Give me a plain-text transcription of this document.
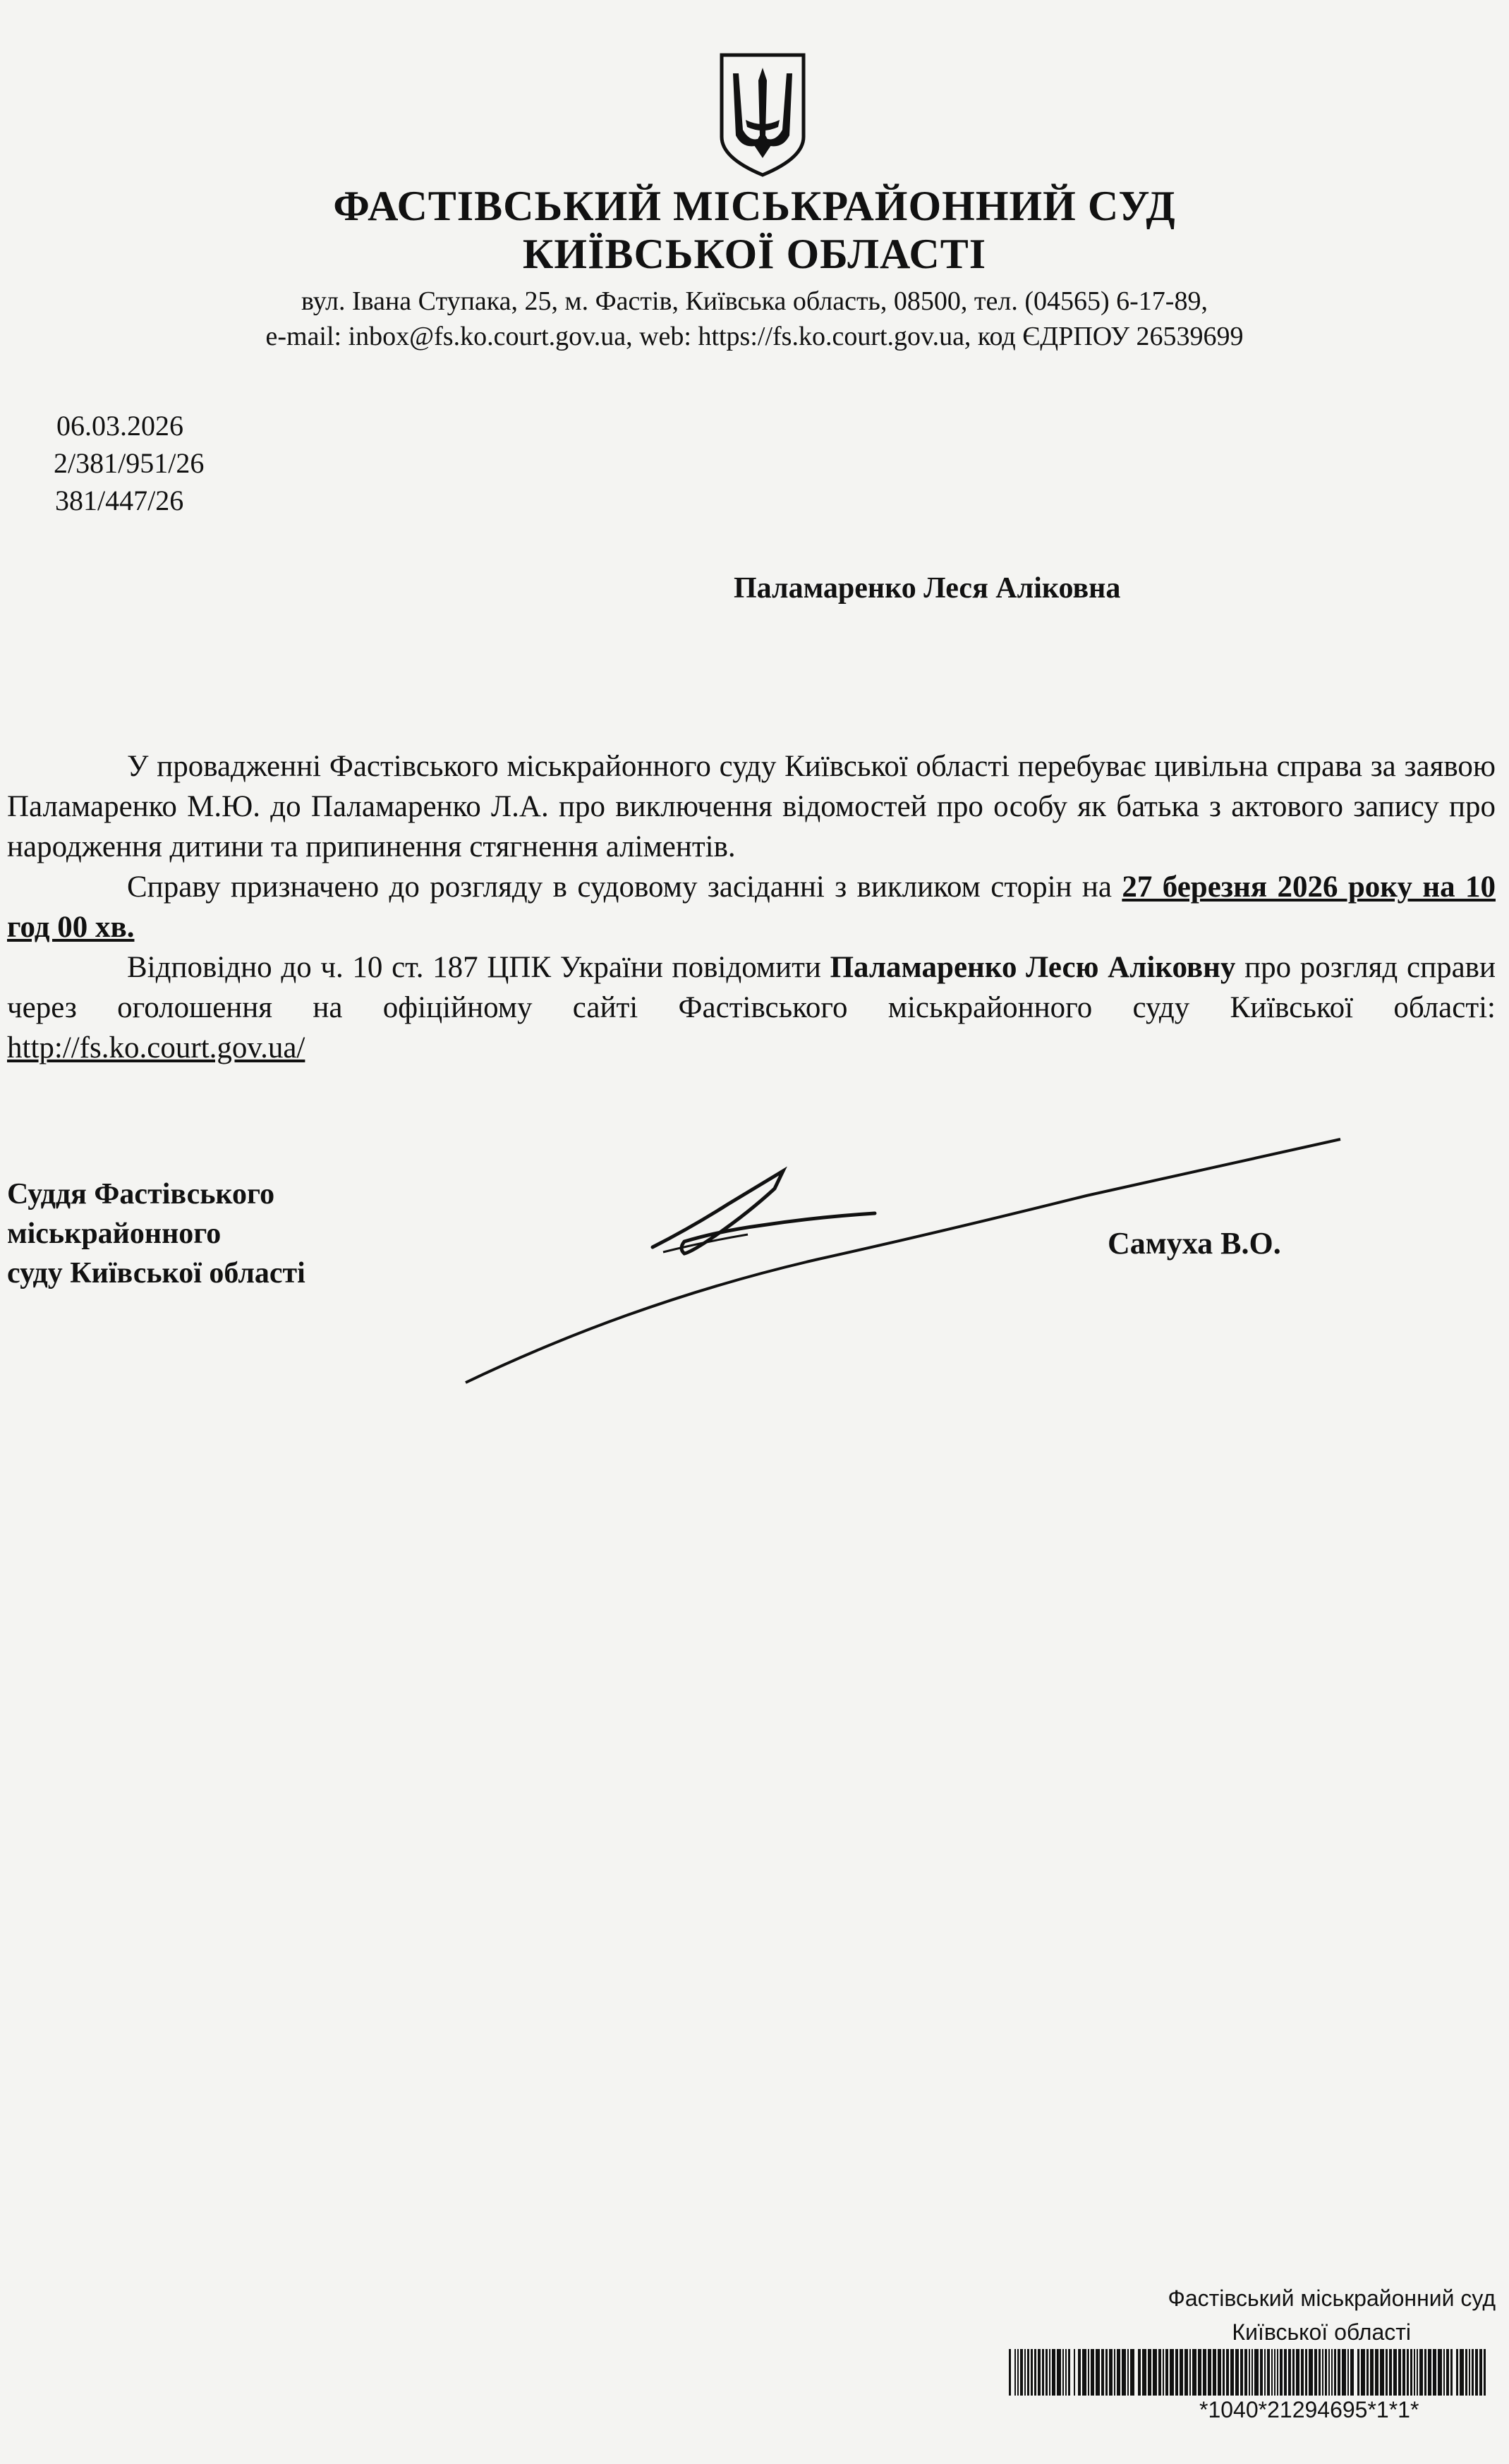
ФАСТІВСЬКИЙ МІСЬКРАЙОННИЙ СУД
КИЇВСЬКОЇ ОБЛАСТІ
вул. Івана Ступака, 25, м. Фастів, Київська область, 08500, тел. (04565) 6-17-89,
e-mail: inbox@fs.ko.court.gov.ua, web: https://fs.ko.court.gov.ua, код ЄДРПОУ 26539699
06.03.2026
2/381/951/26
381/447/26
Паламаренко Леся Аліковна

У провадженні Фастівського міськрайонного суду Київської області перебуває цивільна справа за заявою Паламаренко М.Ю. до Паламаренко Л.А. про виключення відомостей про особу як батька з актового запису про народження дитини та припинення стягнення аліментів.

Справу призначено до розгляду в судовому засіданні з викликом сторін на 27 березня 2026 року на 10 год 00 хв.

Відповідно до ч. 10 ст. 187 ЦПК України повідомити Паламаренко Лесю Аліковну про розгляд справи через оголошення на офіційному сайті Фастівського міськрайонного суду Київської області: http://fs.ko.court.gov.ua/

Суддя Фастівського
міськрайонного
суду Київської області
Самуха В.О.
Фастівський міськрайонний суд
Київської області
*1040*21294695*1*1*
